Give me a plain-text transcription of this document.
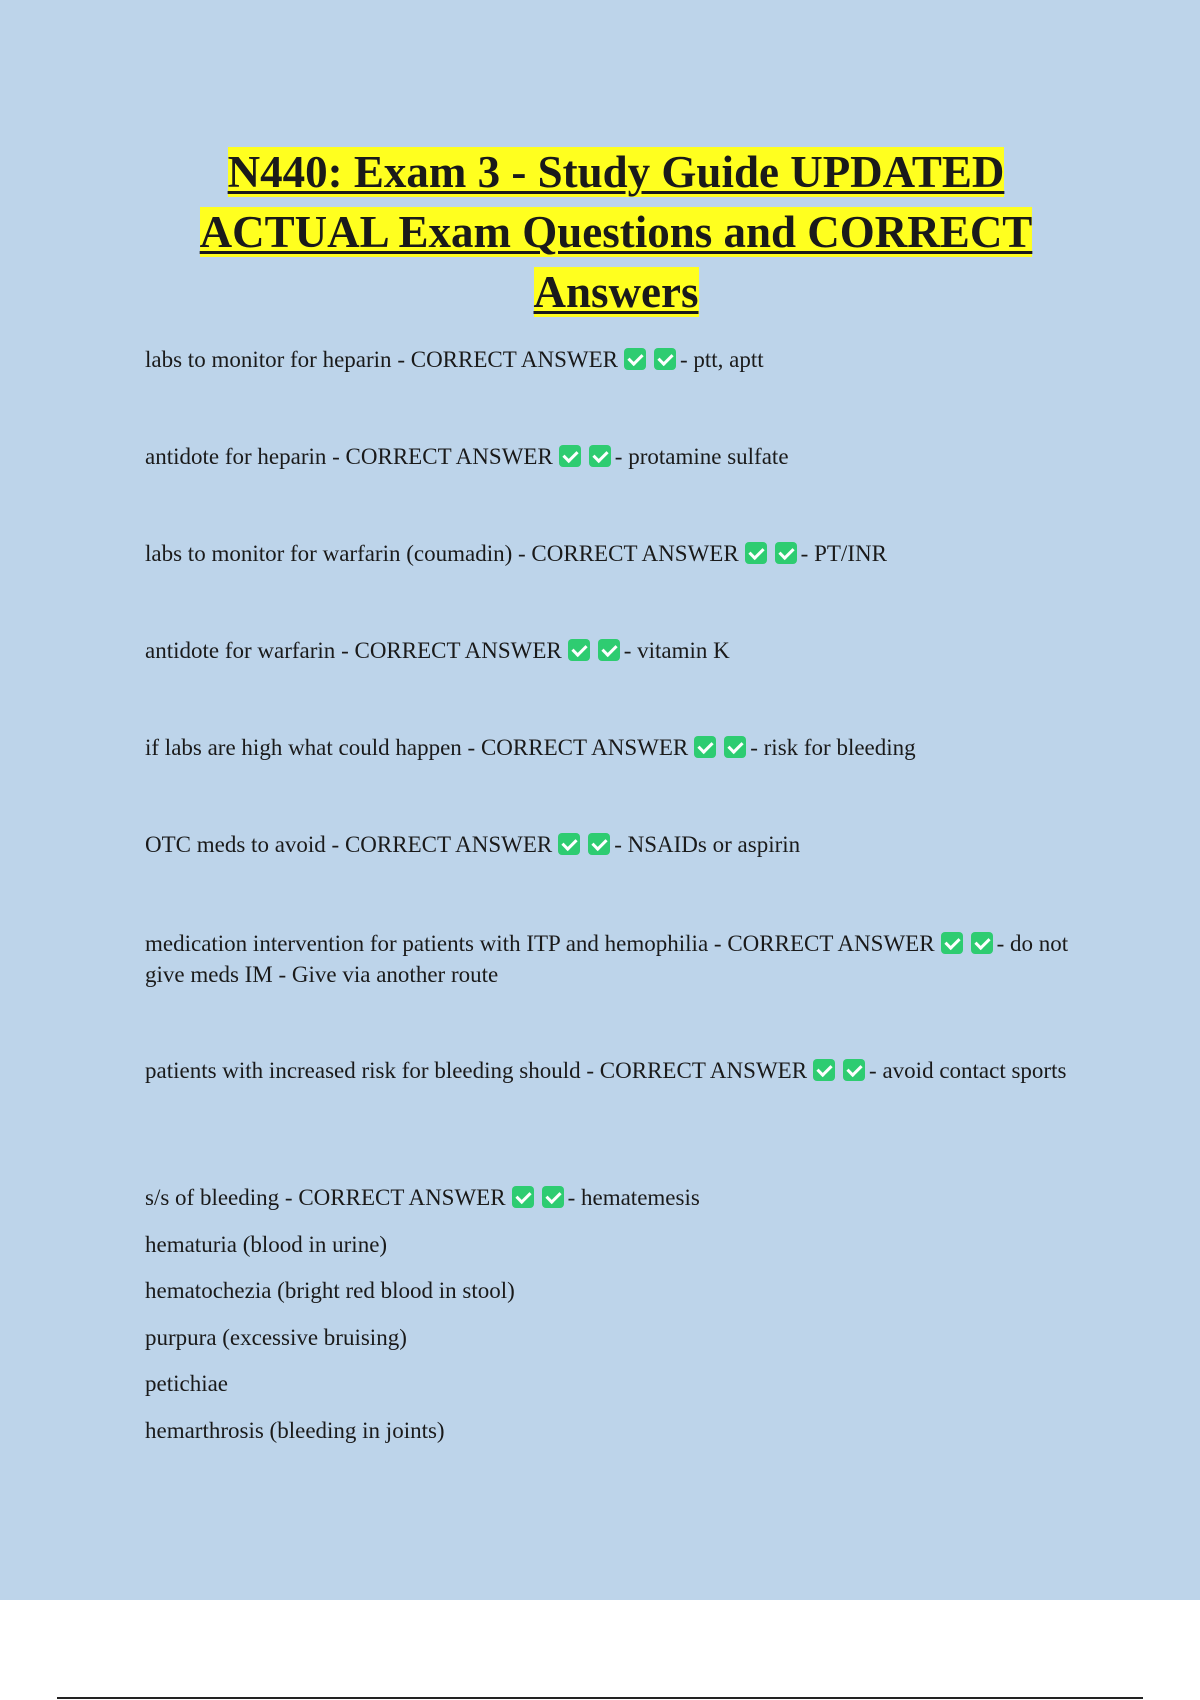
N440: Exam 3 - Study Guide UPDATED
ACTUAL Exam Questions and CORRECT
Answers

labs to monitor for heparin - CORRECT ANSWER	- ptt, aptt

antidote for heparin - CORRECT ANSWER	- protamine sulfate

labs to monitor for warfarin (coumadin) - CORRECT ANSWER	- PT/INR

antidote for warfarin - CORRECT ANSWER	- vitamin K

if labs are high what could happen - CORRECT ANSWER	- risk for bleeding

OTC meds to avoid - CORRECT ANSWER	- NSAIDs or aspirin

medication intervention for patients with ITP and hemophilia - CORRECT ANSWER	- do not give meds IM - Give via another route

patients with increased risk for bleeding should - CORRECT ANSWER	- avoid contact sports

s/s of bleeding - CORRECT ANSWER	- hematemesis

hematuria (blood in urine)

hematochezia (bright red blood in stool)

purpura (excessive bruising)

petichiae

hemarthrosis (bleeding in joints)
